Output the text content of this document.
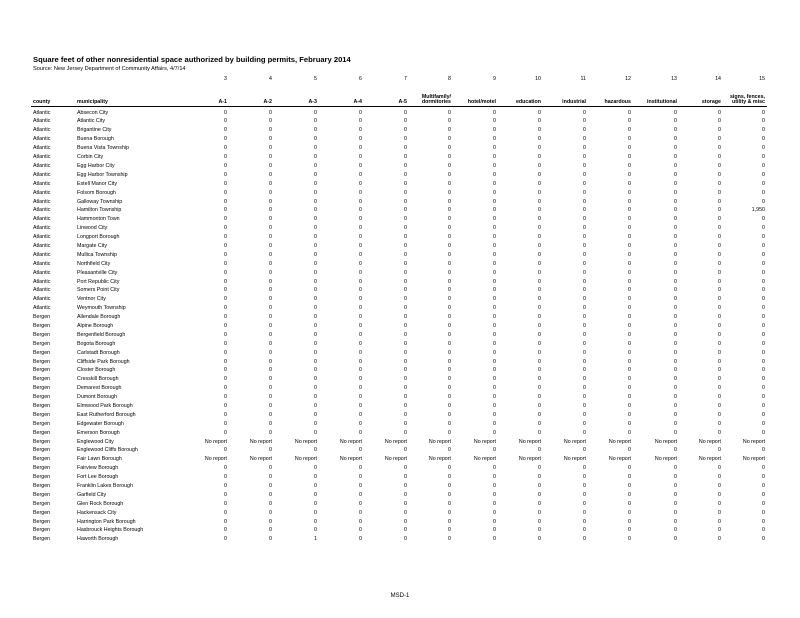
Square feet of other nonresidential space authorized by building permits, February 2014
Source: New Jersey Department of Community Affairs, 4/7/14
		3	4	5	6	7	8	9	10	11	12	13	14	15
county	municipality	A-1	A-2	A-3	A-4	A-5	Multifamily/ dormitories	hotel/motel	education	industrial	hazardous	institutional	storage	signs, fences, utility & misc
Atlantic	Absecon City	0	0	0	0	0	0	0	0	0	0	0	0	0
Atlantic	Atlantic City	0	0	0	0	0	0	0	0	0	0	0	0	0
Atlantic	Brigantine City	0	0	0	0	0	0	0	0	0	0	0	0	0
Atlantic	Buena Borough	0	0	0	0	0	0	0	0	0	0	0	0	0
Atlantic	Buena Vista Township	0	0	0	0	0	0	0	0	0	0	0	0	0
Atlantic	Corbin City	0	0	0	0	0	0	0	0	0	0	0	0	0
Atlantic	Egg Harbor City	0	0	0	0	0	0	0	0	0	0	0	0	0
Atlantic	Egg Harbor Township	0	0	0	0	0	0	0	0	0	0	0	0	0
Atlantic	Estell Manor City	0	0	0	0	0	0	0	0	0	0	0	0	0
Atlantic	Folsom Borough	0	0	0	0	0	0	0	0	0	0	0	0	0
Atlantic	Galloway Township	0	0	0	0	0	0	0	0	0	0	0	0	0
Atlantic	Hamilton Township	0	0	0	0	0	0	0	0	0	0	0	0	1,950
Atlantic	Hammonton Town	0	0	0	0	0	0	0	0	0	0	0	0	0
Atlantic	Linwood City	0	0	0	0	0	0	0	0	0	0	0	0	0
Atlantic	Longport Borough	0	0	0	0	0	0	0	0	0	0	0	0	0
Atlantic	Margate City	0	0	0	0	0	0	0	0	0	0	0	0	0
Atlantic	Mullica Township	0	0	0	0	0	0	0	0	0	0	0	0	0
Atlantic	Northfield City	0	0	0	0	0	0	0	0	0	0	0	0	0
Atlantic	Pleasantville City	0	0	0	0	0	0	0	0	0	0	0	0	0
Atlantic	Port Republic City	0	0	0	0	0	0	0	0	0	0	0	0	0
Atlantic	Somers Point City	0	0	0	0	0	0	0	0	0	0	0	0	0
Atlantic	Ventnor City	0	0	0	0	0	0	0	0	0	0	0	0	0
Atlantic	Weymouth Township	0	0	0	0	0	0	0	0	0	0	0	0	0
Bergen	Allendale Borough	0	0	0	0	0	0	0	0	0	0	0	0	0
Bergen	Alpine Borough	0	0	0	0	0	0	0	0	0	0	0	0	0
Bergen	Bergenfield Borough	0	0	0	0	0	0	0	0	0	0	0	0	0
Bergen	Bogota Borough	0	0	0	0	0	0	0	0	0	0	0	0	0
Bergen	Carlstadt Borough	0	0	0	0	0	0	0	0	0	0	0	0	0
Bergen	Cliffside Park Borough	0	0	0	0	0	0	0	0	0	0	0	0	0
Bergen	Closter Borough	0	0	0	0	0	0	0	0	0	0	0	0	0
Bergen	Cresskill Borough	0	0	0	0	0	0	0	0	0	0	0	0	0
Bergen	Demarest Borough	0	0	0	0	0	0	0	0	0	0	0	0	0
Bergen	Dumont Borough	0	0	0	0	0	0	0	0	0	0	0	0	0
Bergen	Elmwood Park Borough	0	0	0	0	0	0	0	0	0	0	0	0	0
Bergen	East Rutherford Borough	0	0	0	0	0	0	0	0	0	0	0	0	0
Bergen	Edgewater Borough	0	0	0	0	0	0	0	0	0	0	0	0	0
Bergen	Emerson Borough	0	0	0	0	0	0	0	0	0	0	0	0	0
Bergen	Englewood City	No report	No report	No report	No report	No report	No report	No report	No report	No report	No report	No report	No report	No report
Bergen	Englewood Cliffs Borough	0	0	0	0	0	0	0	0	0	0	0	0	0
Bergen	Fair Lawn Borough	No report	No report	No report	No report	No report	No report	No report	No report	No report	No report	No report	No report	No report
Bergen	Fairview Borough	0	0	0	0	0	0	0	0	0	0	0	0	0
Bergen	Fort Lee Borough	0	0	0	0	0	0	0	0	0	0	0	0	0
Bergen	Franklin Lakes Borough	0	0	0	0	0	0	0	0	0	0	0	0	0
Bergen	Garfield City	0	0	0	0	0	0	0	0	0	0	0	0	0
Bergen	Glen Rock Borough	0	0	0	0	0	0	0	0	0	0	0	0	0
Bergen	Hackensack City	0	0	0	0	0	0	0	0	0	0	0	0	0
Bergen	Harrington Park Borough	0	0	0	0	0	0	0	0	0	0	0	0	0
Bergen	Hasbrouck Heights Borough	0	0	0	0	0	0	0	0	0	0	0	0	0
Bergen	Haworth Borough	0	0	1	0	0	0	0	0	0	0	0	0	0
MSD-1
